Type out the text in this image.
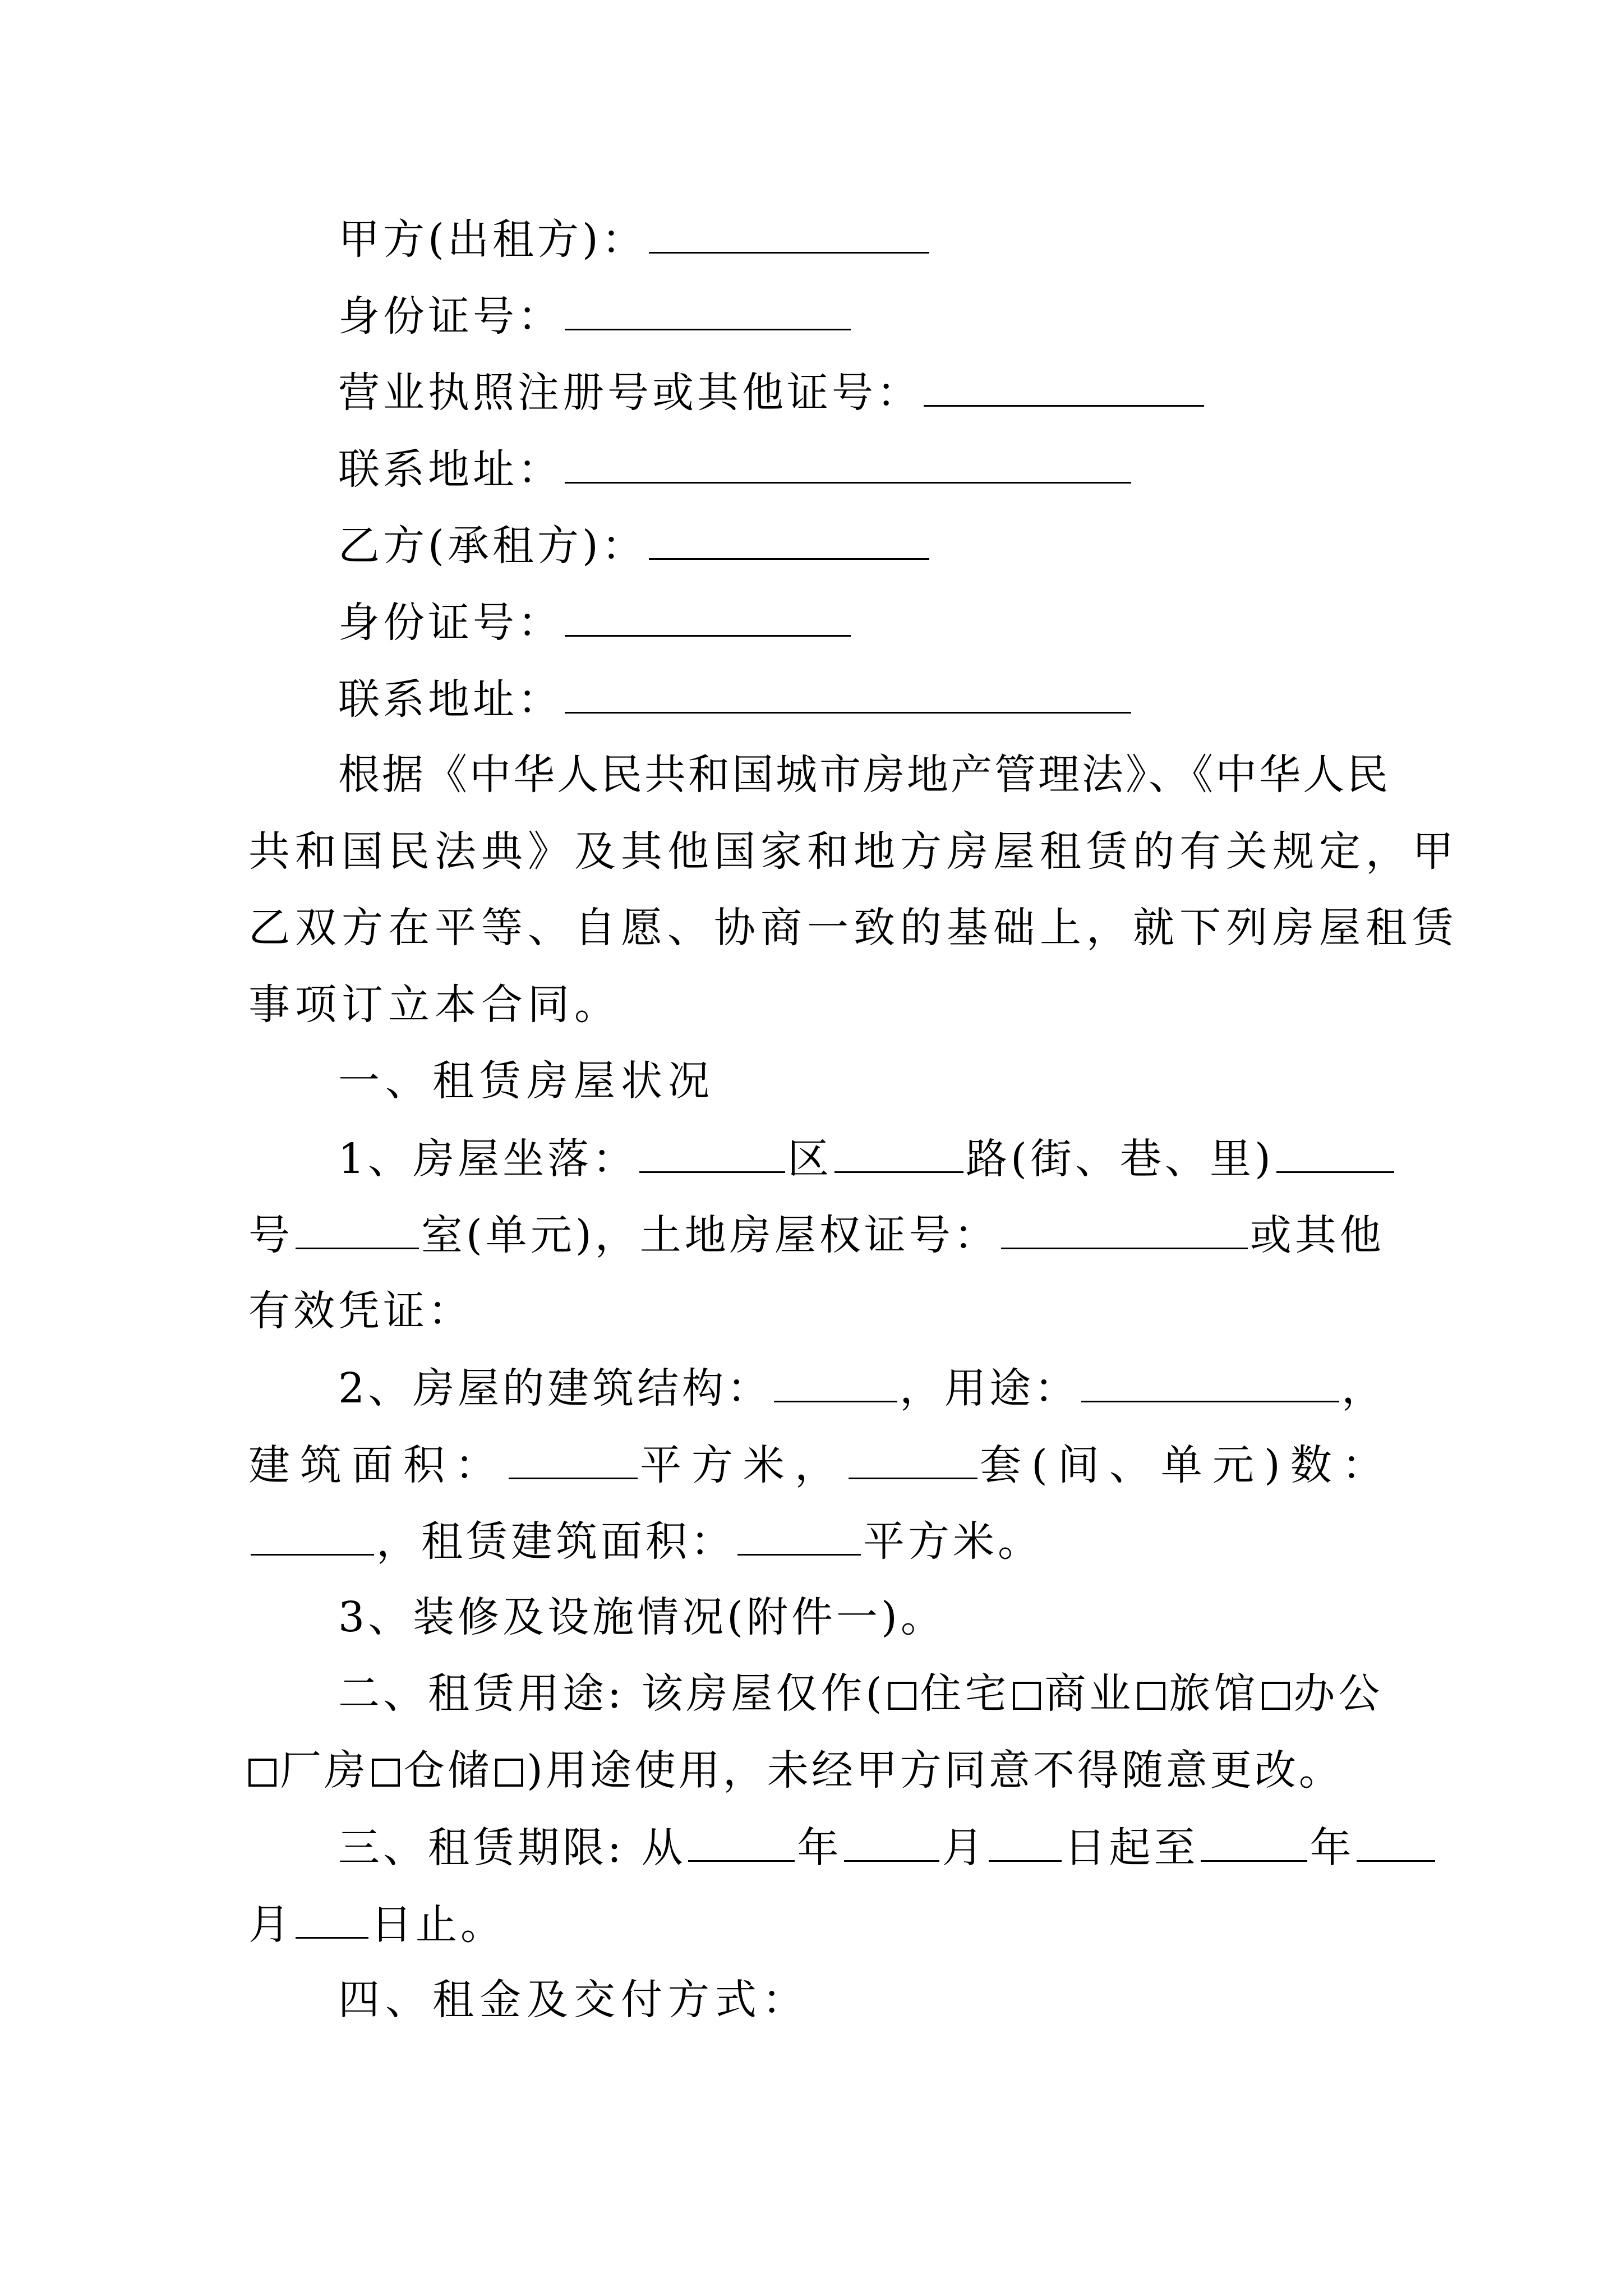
甲方(出租方)：
身份证号：
营业执照注册号或其他证号：
联系地址：
乙方(承租方)：
身份证号：
联系地址：
根据《中华人民共和国城市房地产管理法》、《中华人民
共和国民法典》及其他国家和地方房屋租赁的有关规定，甲
乙双方在平等、自愿、协商一致的基础上，就下列房屋租赁
事项订立本合同。
一、租赁房屋状况
1、房屋坐落：	区	路(街、巷、里)
号	室(单元)，土地房屋权证号：	或其他
有效凭证：
2、房屋的建筑结构：	，用途：	，
建筑面积：	平方米，	套(间、单元)数：
，租赁建筑面积：	平方米。
3、装修及设施情况(附件一)。
二、租赁用途: 该房屋仅作( 住宅 商业 旅馆 办公
厂房 仓储 )用途使用，未经甲方同意不得随意更改。
三、租赁期限: 从	年 月 日起至	年
月 日止。
四、租金及交付方式：
